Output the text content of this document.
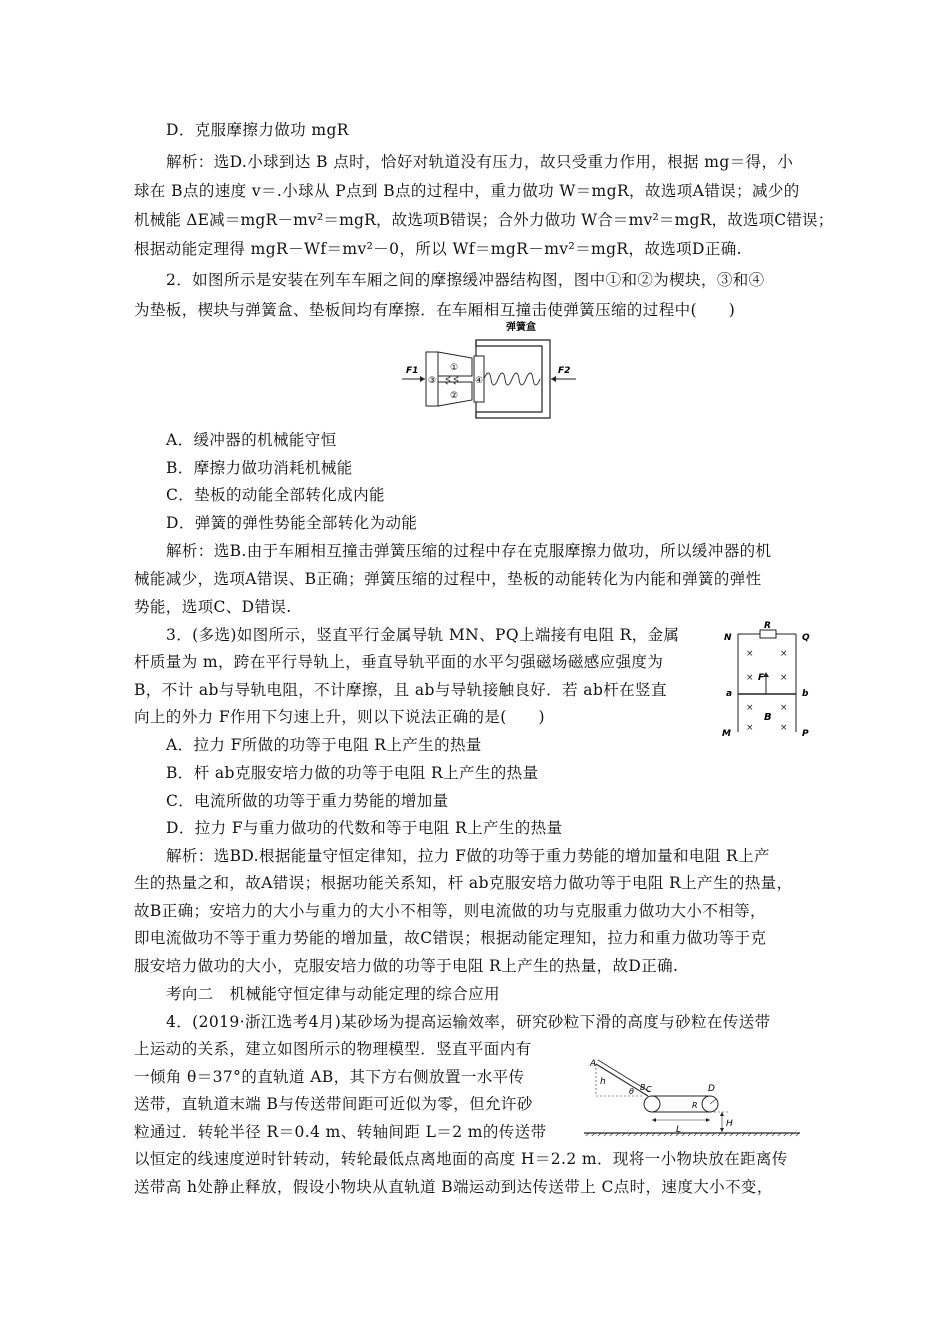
D．克服摩擦力做功 mgR
解析：选D.小球到达 B 点时，恰好对轨道没有压力，故只受重力作用，根据 mg＝得，小
球在 B点的速度 v＝.小球从 P点到 B点的过程中，重力做功 W＝mgR，故选项A错误；减少的
机械能 ΔE减＝mgR－mv²＝mgR，故选项B错误；合外力做功 W合＝mv²＝mgR，故选项C错误；
根据动能定理得 mgR－Wf＝mv²－0，所以 Wf＝mgR－mv²＝mgR，故选项D正确.
2．如图所示是安装在列车车厢之间的摩擦缓冲器结构图，图中①和②为楔块，③和④
为垫板，楔块与弹簧盒、垫板间均有摩擦．在车厢相互撞击使弹簧压缩的过程中(　　)
弹簧盒
③
①
②
④
F1	F2
A．缓冲器的机械能守恒
B．摩擦力做功消耗机械能
C．垫板的动能全部转化成内能
D．弹簧的弹性势能全部转化为动能
解析：选B.由于车厢相互撞击弹簧压缩的过程中存在克服摩擦力做功，所以缓冲器的机
械能减少，选项A错误、B正确；弹簧压缩的过程中，垫板的动能转化为内能和弹簧的弹性
势能，选项C、D错误.
3．(多选)如图所示，竖直平行金属导轨 MN、PQ上端接有电阻 R，金属
杆质量为 m，跨在平行导轨上，垂直导轨平面的水平匀强磁场磁感应强度为
B，不计 ab与导轨电阻，不计摩擦，且 ab与导轨接触良好．若 ab杆在竖直
向上的外力 F作用下匀速上升，则以下说法正确的是(　　)
R
N	Q
M	P
a	b
F
B
×	×
×	×
×	×
×	×
A．拉力 F所做的功等于电阻 R上产生的热量
B．杆 ab克服安培力做的功等于电阻 R上产生的热量
C．电流所做的功等于重力势能的增加量
D．拉力 F与重力做功的代数和等于电阻 R上产生的热量
解析：选BD.根据能量守恒定律知，拉力 F做的功等于重力势能的增加量和电阻 R上产
生的热量之和，故A错误；根据功能关系知，杆 ab克服安培力做功等于电阻 R上产生的热量，
故B正确；安培力的大小与重力的大小不相等，则电流做的功与克服重力做功大小不相等，
即电流做功不等于重力势能的增加量，故C错误；根据动能定理知，拉力和重力做功等于克
服安培力做功的大小，克服安培力做的功等于电阻 R上产生的热量，故D正确.
考向二　机械能守恒定律与动能定理的综合应用
4．(2019·浙江选考4月)某砂场为提高运输效率，研究砂粒下滑的高度与砂粒在传送带
上运动的关系，建立如图所示的物理模型．竖直平面内有
一倾角 θ＝37°的直轨道 AB，其下方右侧放置一水平传
送带，直轨道末端 B与传送带间距可近似为零，但允许砂
粒通过．转轮半径 R＝0.4 m、转轴间距 L＝2 m的传送带
以恒定的线速度逆时针转动，转轮最低点离地面的高度 H＝2.2 m．现将一小物块放在距离传
送带高 h处静止释放，假设小物块从直轨道 B端运动到达传送带上 C点时，速度大小不变，
A
h
θ B C
R
D
L
H
